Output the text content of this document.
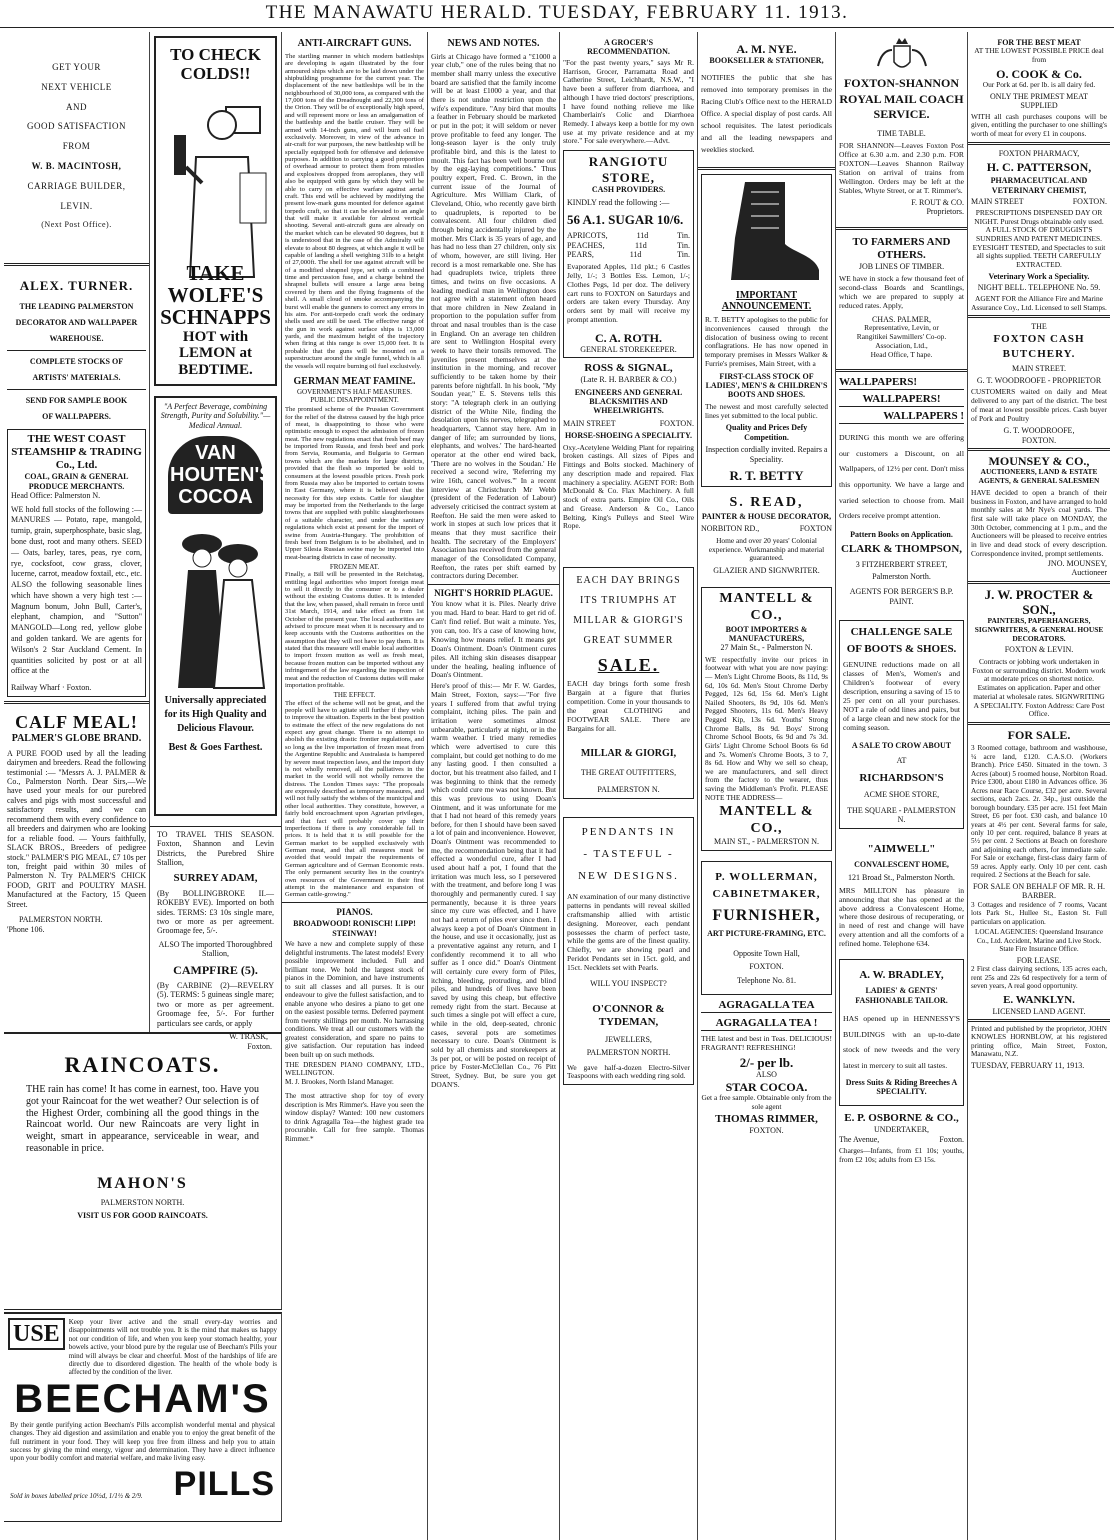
THE MANAWATU HERALD. TUESDAY, FEBRUARY 11. 1913.
GET YOUR
NEXT VEHICLE
AND
GOOD SATISFACTION
FROM
W. B. MACINTOSH,
CARRIAGE BUILDER,
LEVIN.
(Next Post Office).
ALEX. TURNER.
THE LEADING PALMERSTON
DECORATOR AND WALLPAPER
WAREHOUSE.
COMPLETE STOCKS OF
ARTISTS' MATERIALS.
SEND FOR SAMPLE BOOK
OF WALLPAPERS.
THE WEST COAST STEAMSHIP & TRADING Co., Ltd.
COAL, GRAIN & GENERAL PRODUCE MERCHANTS.
Head Office: Palmerston N.
WE hold full stocks of the following :— MANURES — Potato, rape, mangold, turnip, grain, superphosphate, basic slag, bone dust, root and many others. SEED — Oats, barley, tares, peas, rye corn, rye, cocksfoot, cow grass, clover, lucerne, carrot, meadow foxtail, etc., etc. ALSO the following seasonable lines which have shown a very high test :— Magnum bonum, John Bull, Carter's, elephant, champion, and "Sutton" MANGOLD—Long red, yellow globe and golden tankard. We are agents for Wilson's 2 Star Auckland Cement. In quantities solicited by post or at all office at the
Railway Wharf · Foxton.
CALF MEAL!
PALMER'S GLOBE BRAND.
A PURE FOOD used by all the leading dairymen and breeders. Read the following testimonial :— "Messrs A. J. PALMER & Co., Palmerston North. Dear Sirs,—We have used your meals for our purebred calves and pigs with most successful and satisfactory results, and we can recommend them with every confidence to all breeders and dairymen who are looking for a reliable food. — Yours faithfully, SLACK BROS., Breeders of pedigree stock." PALMER'S PIG MEAL, £7 10s per ton, freight paid within 30 miles of Palmerston N. Try PALMER'S CHICK FOOD, GRIT and POULTRY MASH. Manufactured at the Factory, 15 Queen Street.
PALMERSTON NORTH.
'Phone 106.
TO CHECK COLDS!!
TAKE WOLFE'S SCHNAPPS
HOT with LEMON at BEDTIME.
"A Perfect Beverage, combining Strength, Purity and Solubility."— Medical Annual.
VAN HOUTEN'S COCOA
Universally appreciated for its High Quality and Delicious Flavour.
Best & Goes Farthest.
TO TRAVEL THIS SEASON. Foxton, Shannon and Levin Districts, the Purebred Shire Stallion,
SURREY ADAM,
(By BOLLINGBROKE II.—ROKEBY EVE). Imported on both sides. TERMS: £3 10s single mare, two or more as per agreement. Groomage fee, 5/-.
ALSO The imported Thoroughbred Stallion,
CAMPFIRE (5).
(By CARBINE (2)—REVELRY (5). TERMS: 5 guineas single mare; two or more as per agreement. Groomage fee, 5/-. For further particulars see cards, or apply
W. TRASK,
Foxton.
RAINCOATS.
THE rain has come! It has come in earnest, too. Have you got your Raincoat for the wet weather? Our selection is of the Highest Order, combining all the good things in the Raincoat world. Our new Raincoats are very light in weight, smart in appearance, serviceable in wear, and reasonable in price.
MAHON'S
PALMERSTON NORTH.
VISIT US FOR GOOD RAINCOATS.
USE	Keep your liver active and the small every-day worries and disappointments will not trouble you. It is the mind that makes us happy not our condition of life, and when you keep your stomach healthy, your bowels active, your blood pure by the regular use of Beecham's Pills your mind will always be clear and cheerful. Most of the hardships of life are directly due to disordered digestion. The health of the whole body is affected by the condition of the liver.
BEECHAM'S
By their gentle purifying action Beecham's Pills accomplish wonderful mental and physical changes. They aid digestion and assimilation and enable you to enjoy the great benefit of the full nutriment in your food. They will keep you free from illness and help you to attain success by giving the mind energy, vigour and determination. They have a direct influence upon your bodily comfort and material welfare, and make living easy.
Sold in boxes labelled price 10½d, 1/1½ & 2/9. PILLS
ANTI-AIRCRAFT GUNS.
The startling manner in which modern battleships are developing is again illustrated by the four armoured ships which are to be laid down under the shipbuilding programme for the current year. The displacement of the new battleships will be in the neighbourhood of 30,000 tons, as compared with the 17,000 tons of the Dreadnought and 22,300 tons of the Orion. They will be of exceptionally high speed, and will represent more or less an amalgamation of the battleship and the battle cruiser. They will be armed with 14-inch guns, and will burn oil fuel exclusively. Moreover, in view of the advance in air-craft for war purposes, the new battleship will be specially equipped both for offensive and defensive purposes. In addition to carrying a good proportion of overhead armour to protect them from missiles and explosives dropped from aeroplanes, they will also be equipped with guns by which they will be able to carry on effective warfare against aerial craft. This end will be achieved by modifying the present low-mark guns mounted for defence against torpedo craft, so that it can be elevated to an angle that will make it available for almost vertical shooting. Several anti-aircraft guns are already on the market which can be elevated 90 degrees, but it is understood that in the case of the Admiralty will elevate to about 80 degrees, at which angle it will be capable of landing a shell weighing 31lb to a height of 27,000ft. The shell for use against aircraft will be of a modified shrapnel type, set with a combined time and percussion fuse, and a charge behind the shrapnel bullets will ensure a large area being covered by them and the flying fragments of the shell. A small cloud of smoke accompanying the burst will enable the gunners to correct any errors in his aim. For anti-torpedo craft work the ordinary shells used are still be used. The effective range of the gun in work against surface ships is 13,000 yards, and the maximum height of the trajectory when firing at this range is over 15,000 feet. It is probable that the guns will be mounted on a superstructure around the single funnel, which is all the vessels will require burning oil fuel exclusively.
GERMAN MEAT FAMINE.
GOVERNMENT'S HALF MEASURES. PUBLIC DISAPPOINTMENT.
The promised scheme of the Prussian Government for the relief of the distress caused by the high price of meat, is disappointing to those who were optimistic enough to expect the admission of frozen meat. The new regulations enact that fresh beef may be imported from Russia, and fresh beef and pork from Servia, Roumania, and Bulgaria to German towns which are the markets for large districts, provided that the flesh so imported be sold to consumers at the lowest possible prices. Fresh pork from Russia may also be imported to certain towns in East Germany, where it is believed that the necessity for this step exists. Cattle for slaughter may be imported from the Netherlands to the large towns that are supplied with public slaughterhouses of a suitable character, and under the sanitary regulations which exist at present for the import of swine from Austria-Hungary. The prohibition of fresh beef from Belgium is to be abolished, and in Upper Silesia Russian swine may be imported into meat-bearing districts in case of necessity.
FROZEN MEAT.
Finally, a Bill will be presented in the Reichstag, entitling legal authorities who import foreign meat to sell it directly to the consumer or to a dealer without the existing Customs duties. It is intended that the law, when passed, shall remain in force until 31st March, 1914, and take effect as from 1st October of the present year. The local authorities are advised to procure meat when it is necessary and to keep accounts with the Customs authorities on the assumption that they will not have to pay them. It is stated that this measure will enable local authorities to import frozen mutton as well as fresh meat, because frozen mutton can be imported without any infringement of the law regarding the inspection of meat and the reduction of Customs duties will make importation profitable.
THE EFFECT.
The effect of the scheme will not be great, and the people will have to agitate still further if they wish to improve the situation. Experts in the best position to estimate the effect of the new regulations do not expect any great change. There is no attempt to abolish the existing drastic frontier regulations, and so long as the live importation of frozen meat from the Argentine Republic and Australasia is hampered by severe meat inspection laws, and the import duty is not wholly removed, all the palliatives in the market in the world will not wholly remove the distress. The London Times says: "The proposals are expressly described as temporary measures, and will not fully satisfy the wishes of the municipal and other local authorities. They constitute, however, a fairly bold encroachment upon Agrarian privileges, and that fact will probably cover up their imperfections if there is any considerable fall in prices. It is held that it is still possible for the German market to be supplied exclusively with German meat, and that all measures must be avoided that would impair the requirements of German agriculture and of German Economic rests. The only permanent security lies in the country's own resources of the Government in their first attempt in the maintenance and expansion of German cattle-growing."
PIANOS.
BROADWOOD! RONISCH! LIPP! STEINWAY!
We have a new and complete supply of these delightful instruments. The latest models! Every possible improvement included. Full and brilliant tone. We hold the largest stock of pianos in the Dominion, and have instruments to suit all classes and all purses. It is our endeavour to give the fullest satisfaction, and to enable anyone who desires a piano to get one on the easiest possible terms. Deferred payment from twenty shillings per month. No harrassing conditions. We treat all our customers with the greatest consideration, and spare no pains to give satisfaction. Our reputation has indeed been built up on such methods.
THE DRESDEN PIANO COMPANY, LTD., WELLINGTON.
M. J. Brookes, North Island Manager.
The most attractive shop for toy of every description is Mrs Rimmer's. Have you seen the window display? Wanted: 100 new customers to drink Agragalla Tea—the highest grade tea procurable. Call for free sample. Thomas Rimmer.*
NEWS AND NOTES.
Girls at Chicago have formed a "£1000 a year club," one of the rules being that no member shall marry unless the executive board are satisfied that the family income will be at least £1000 a year, and that there is not undue restriction upon the wife's expenditure. "Any bird that moults a feather in February should be marketed or put in the pot; it will seldom or never prove profitable to feed any longer. The long-season layer is the only truly profitable bird, and this is the latest to moult. This fact has been well bourne out by the egg-laying competitions." Thus poultry expert, Fred. C. Brown, in the current issue of the Journal of Agriculture. Mrs William Clark, of Cleveland, Ohio, who recently gave birth to quadruplets, is reported to be convalescent. All four children died through being accidentally injured by the mother. Mrs Clark is 35 years of age, and has had no less than 27 children, only six of whom, however, are still living. Her record is a most remarkable one. She has had quadruplets twice, triplets three times, and twins on five occasions. A leading medical man in Wellington does not agree with a statement often heard that more children in New Zealand in proportion to the population suffer from throat and nasal troubles than is the case in England. On an average ten children are sent to Wellington Hospital every week to have their tonsils removed. The juveniles present themselves at the institution in the morning, and recover sufficiently to be taken home by their parents before nightfall. In his book, "My Soudan year," E. S. Stevens tells this story: "A telegraph clerk in an outlying district of the White Nile, finding the desolation upon his nerves, telegraphed to headquarters, 'Cannot stay here. Am in danger of life; am surrounded by lions, elephants, and wolves.' The hard-hearted operator at the other end wired back, 'There are no wolves in the Soudan.' He received a second wire, 'Referring my wire 16th, cancel wolves.'" In a recent interview at Christchurch Mr Webb (president of the Federation of Labour) adversely criticised the contract system at Reefton. He said the men were asked to work in stopes at such low prices that it means that they must sacrifice their health. The secretary of the Employers' Association has received from the general manager of the Consolidated Company, Reefton, the rates per shift earned by contractors during December.
NIGHT'S HORRID PLAGUE.
You know what it is. Piles. Nearly drive you mad. Hard to bear. Hard to get rid of. Can't find relief. But wait a minute. Yes, you can, too. It's a case of knowing how, Knowing how means relief. It means get Doan's Ointment. Doan's Ointment cures piles. All itching skin diseases disappear under the healing, healing influence of Doan's Ointment.
Here's proof of this:— Mr F. W. Gardes, Main Street, Foxton, says:—"For five years I suffered from that awful trying complaint, itching piles. The pain and irritation were sometimes almost unbearable, particularly at night, or in the warm weather. I tried many remedies which were advertised to cure this complaint, but could get nothing to do me any lasting good. I then consulted a doctor, but his treatment also failed, and I was beginning to think that the remedy which could cure me was not known. But this was previous to using Doan's Ointment, and it was unfortunate for me that I had not heard of this remedy years before, for then I should have been saved a lot of pain and inconvenience. However, Doan's Ointment was recommended to me, the recommendation being that it had effected a wonderful cure, after I had used about half a pot, I found that the irritation was much less, so I persevered with the treatment, and before long I was thoroughly and permanently cured. I say permanently, because it is three years since my cure was effected, and I have not had a return of piles ever since then. I always keep a pot of Doan's Ointment in the house, and use it occasionally, just as a preventative against any return, and I confidently recommend it to all who suffer as I once did." Doan's Ointment will certainly cure every form of Piles, itching, bleeding, protruding, and blind piles, and hundreds of lives have been saved by using this cheap, but effective remedy right from the start. Because at such times a single pot will effect a cure, while in the old, deep-seated, chronic cases, several pots are sometimes necessary to cure. Doan's Ointment is sold by all chemists and storekeepers at 3s per pot, or will be posted on receipt of price by Foster-McClellan Co., 76 Pitt Street, Sydney. But, be sure you get DOAN'S.
A GROCER'S RECOMMENDATION.
"For the past twenty years," says Mr R. Harrison, Grocer, Parramatta Road and Catherine Street, Leichhardt, N.S.W., "I have been a sufferer from diarrhoea, and although I have tried doctors' prescriptions, I have found nothing relieve me like Chamberlain's Colic and Diarrhoea Remedy. I always keep a bottle for my own use at my private residence and at my store." For sale everywhere.—Advt.
RANGIOTU STORE,
CASH PROVIDERS.
KINDLY read the following :—
56 A.1. SUGAR 10/6.
APRICOTS,	11d	Tin.
PEACHES,	11d	Tin.
PEARS,	11d	Tin.
Evaporated Apples, 11d pkt.; 6 Castles Jelly, 1/-; 3 Bottles Ess. Lemon, 1/-; Clothes Pegs, 1d per doz. The delivery cart runs to FOXTON on Saturdays and orders are taken every Thursday. Any orders sent by mail will receive my prompt attention.
C. A. ROTH.
GENERAL STOREKEEPER.
ROSS & SIGNAL,
(Late R. H. BARBER & CO.)
ENGINEERS AND GENERAL BLACKSMITHS AND WHEELWRIGHTS.
MAIN STREET	FOXTON.
HORSE-SHOEING A SPECIALITY.
Oxy.-Acetylene Welding Plant for repairing broken castings. All sizes of Pipes and Fittings and Bolts stocked. Machinery of any description made and repaired. Flax machinery a speciality. AGENT FOR: Both McDonald & Co. Flax Machinery. A full stock of extra parts. Empire Oil Co., Oils and Grease. Anderson & Co., Lanco Belting, King's Pulleys and Steel Wire Rope.
EACH DAY BRINGS
ITS TRIUMPHS AT
MILLAR & GIORGI'S
GREAT SUMMER
SALE.
EACH day brings forth some fresh Bargain at a figure that fluries competition. Come in your thousands to the great CLOTHING and FOOTWEAR SALE. There are Bargains for all.
MILLAR & GIORGI,
THE GREAT OUTFITTERS,
PALMERSTON N.
PENDANTS IN
- TASTEFUL -
NEW DESIGNS.
AN examination of our many distinctive patterns in pendants will reveal skilled craftsmanship allied with artistic designing. Moreover, each pendant possesses the charm of perfect taste, while the gems are of the finest quality. Chiefly, we are showing pearl and Peridot Pendants set in 15ct. gold, and 15ct. Necklets set with Pearls.
WILL YOU INSPECT?
O'CONNOR & TYDEMAN,
JEWELLERS,
PALMERSTON NORTH.
We gave half-a-dozen Electro-Silver Teaspoons with each wedding ring sold.
A. M. NYE.
BOOKSELLER & STATIONER,
NOTIFIES the public that she has removed into temporary premises in the Racing Club's Office next to the HERALD Office. A special display of post cards. All school requisites. The latest periodicals and all the leading newspapers and weeklies stocked.
IMPORTANT ANNOUNCEMENT.
R. T. BETTY apologises to the public for inconveniences caused through the dislocation of business owing to recent conflagrations. He has now opened in temporary premises in Messrs Walker & Furrie's premises, Main Street, with a
FIRST-CLASS STOCK OF LADIES', MEN'S & CHILDREN'S BOOTS AND SHOES.
The newest and most carefully selected lines yet submitted to the local public.
Quality and Prices Defy Competition.
Inspection cordially invited. Repairs a Speciality.
R. T. BETTY
S. READ,
PAINTER & HOUSE DECORATOR,
NORBITON RD.,	FOXTON
Home and over 20 years' Colonial experience. Workmanship and material guaranteed.
GLAZIER AND SIGNWRITER.
MANTELL & CO.,
BOOT IMPORTERS & MANUFACTURERS,
27 Main St., - Palmerston N.
WE respectfully invite our prices in footwear with what you are now paying:— Men's Light Chrome Boots, 8s 11d, 9s 6d, 10s 6d. Men's Stout Chrome Derby Pegged, 12s 6d, 15s 6d. Men's Light Nailed Shooters, 8s 9d, 10s 6d. Men's Pegged Shooters, 11s 6d. Men's Heavy Pegged Kip, 13s 6d. Youths' Strong Chrome Balls, 8s 9d. Boys' Strong Chrome School Boots, 6s 9d and 7s 3d. Girls' Light Chrome School Boots 6s 6d and 7s. Women's Chrome Boots, 3 to 7, 8s 6d. How and Why we sell so cheap, we are manufacturers, and sell direct from the factory to the wearer, thus saving the Middleman's Profit. PLEASE NOTE THE ADDRESS—
MANTELL & CO.,
MAIN ST., - PALMERSTON N.
P. WOLLERMAN,
CABINETMAKER,
FURNISHER,
ART PICTURE-FRAMING, ETC.
Opposite Town Hall,
FOXTON.
Telephone No. 81.
AGRAGALLA TEA
AGRAGALLA TEA !
THE latest and best in Teas. DELICIOUS! FRAGRANT! REFRESHING!
2/- per lb.
ALSO
STAR COCOA.
Get a free sample. Obtainable only from the sole agent
THOMAS RIMMER,
FOXTON.
FOXTON-SHANNON ROYAL MAIL COACH SERVICE.
TIME TABLE.
FOR SHANNON—Leaves Foxton Post Office at 6.30 a.m. and 2.30 p.m. FOR FOXTON—Leaves Shannon Railway Station on arrival of trains from Wellington. Orders may be left at the Stables, Whyte Street, or at T. Rimmer's.
F. ROUT & CO.
Proprietors.
TO FARMERS AND OTHERS.
JOB LINES OF TIMBER.
WE have in stock a few thousand feet of second-class Boards and Scantlings, which we are prepared to supply at reduced rates. Apply,
CHAS. PALMER,
Representative, Levin, or
Rangitikei Sawmillers' Co-op. Association, Ltd.,
Head Office, T hape.
WALLPAPERS!
WALLPAPERS!
WALLPAPERS !
DURING this month we are offering our customers a Discount, on all Wallpapers, of 12½ per cent. Don't miss this opportunity. We have a large and varied selection to choose from. Mail Orders receive prompt attention.
Pattern Books on Application.
CLARK & THOMPSON,
3 FITZHERBERT STREET,
Palmerston North.
AGENTS FOR BERGER'S B.P. PAINT.
CHALLENGE SALE OF BOOTS & SHOES.
GENUINE reductions made on all classes of Men's, Women's and Children's footwear of every description, ensuring a saving of 15 to 25 per cent on all your purchases. NOT a rale of odd lines and pairs, but of a large clean and new stock for the coming season.
A SALE TO CROW ABOUT
AT
RICHARDSON'S
ACME SHOE STORE,
THE SQUARE - PALMERSTON N.
"AIMWELL"
CONVALESCENT HOME,
121 Broad St., Palmerston North.
MRS MILLTON has pleasure in announcing that she has opened at the above address a Convalescent Home, where those desirous of recuperating, or in need of rest and change will have every attention and all the comforts of a refined home. Telephone 634.
A. W. BRADLEY,
LADIES' & GENTS' FASHIONABLE TAILOR.
HAS opened up in HENNESSY'S BUILDINGS with an up-to-date stock of new tweeds and the very latest in mercery to suit all tastes.
Dress Suits & Riding Breeches A SPECIALITY.
E. P. OSBORNE & CO.,
UNDERTAKER,
The Avenue,	Foxton.
Charges—Infants, from £1 10s; youths, from £2 10s; adults from £3 15s.
FOR THE BEST MEAT
AT THE LOWEST POSSIBLE PRICE deal from
O. COOK & Co.
Our Pork at 6d. per lb. is all dairy fed.
ONLY THE PRIMEST MEAT SUPPLIED
WITH all cash purchases coupons will be given, entitling the purchaser to one shilling's worth of meat for every £1 in coupons.
FOXTON PHARMACY,
H. C. PATTERSON,
PHARMACEUTICAL AND VETERINARY CHEMIST,
MAIN STREET	FOXTON.
PRESCRIPTIONS DISPENSED DAY OR NIGHT. Purest Drugs obtainable only used. A FULL STOCK OF DRUGGIST'S SUNDRIES AND PATENT MEDICINES. EYESIGHT TESTED, and Spectacles to suit all sights supplied. TEETH CAREFULLY EXTRACTED.
Veterinary Work a Speciality.
NIGHT BELL. TELEPHONE No. 59.
AGENT FOR the Alliance Fire and Marine Assurance Coy., Ltd. Licensed to sell Stamps.
THE
FOXTON CASH BUTCHERY.
MAIN STREET.
G. T. WOODROOFE - PROPRIETOR
CUSTOMERS waited on daily and Meat delivered to any part of the district. The best of meat at lowest possible prices. Cash buyer of Pork and Poultry
G. T. WOODROOFE,
FOXTON.
MOUNSEY & CO.,
AUCTIONEERS, LAND & ESTATE AGENTS, & GENERAL SALESMEN
HAVE decided to open a branch of their business in Foxton, and have arranged to hold monthly sales at Mr Nye's coal yards. The first sale will take place on MONDAY, the 30th October, commencing at 1 p.m., and the Auctioneers will be pleased to receive entries in live and dead stock of every description. Correspondence invited, prompt settlements.
JNO. MOUNSEY,
Auctioneer
J. W. PROCTER & SON.,
PAINTERS, PAPERHANGERS, SIGNWRITERS, & GENERAL HOUSE DECORATORS.
FOXTON & LEVIN.
Contracts or jobbing work undertaken in Foxton or surrounding district. Modern work at moderate prices on shortest notice. Estimates on application. Paper and other material at wholesale rates. SIGNWRITING A SPECIALITY. Foxton Address: Care Post Office.
FOR SALE.
3 Roomed cottage, bathroom and washhouse, ¼ acre land, £120. C.A.S.O. (Workers Branch). Price £450. Situated in the town. 3 Acres (about) 5 roomed house, Norbiton Road. Price £300, about £180 in Advances office. 36 Acres near Race Course, £32 per acre. Several sections, each 2acs. 2r. 34p., just outside the borough boundary. £35 per acre. 151 feet Main Street, £6 per foot. £30 cash, and balance 10 years at 4½ per cent. Several farms for sale, only 10 per cent. required, balance 8 years at 5½ per cent. 2 Sections at Beach on foreshore and adjoining each others, for immediate sale. For Sale or exchange, first-class dairy farm of 59 acres. Apply early. Only 10 per cent. cash required. 2 Sections at the Beach for sale.
FOR SALE ON BEHALF OF MR. R. H. BARBER.
3 Cottages and residence of 7 rooms, Vacant lots Park St., Hullee St., Easton St. Full particulars on application.
LOCAL AGENCIES: Queensland Insurance Co., Ltd. Accident, Marine and Live Stock. State Fire Insurance Office.
FOR LEASE.
2 First class dairying sections, 135 acres each, rent 25s and 22s 6d respectively for a term of seven years, A real good opportunity.
E. WANKLYN.
LICENSED LAND AGENT.
Printed and published by the proprietor, JOHN KNOWLES HORNBLOW, at his registered printing office, Main Street, Foxton, Manawatu, N.Z.
TUESDAY, FEBRUARY 11, 1913.
